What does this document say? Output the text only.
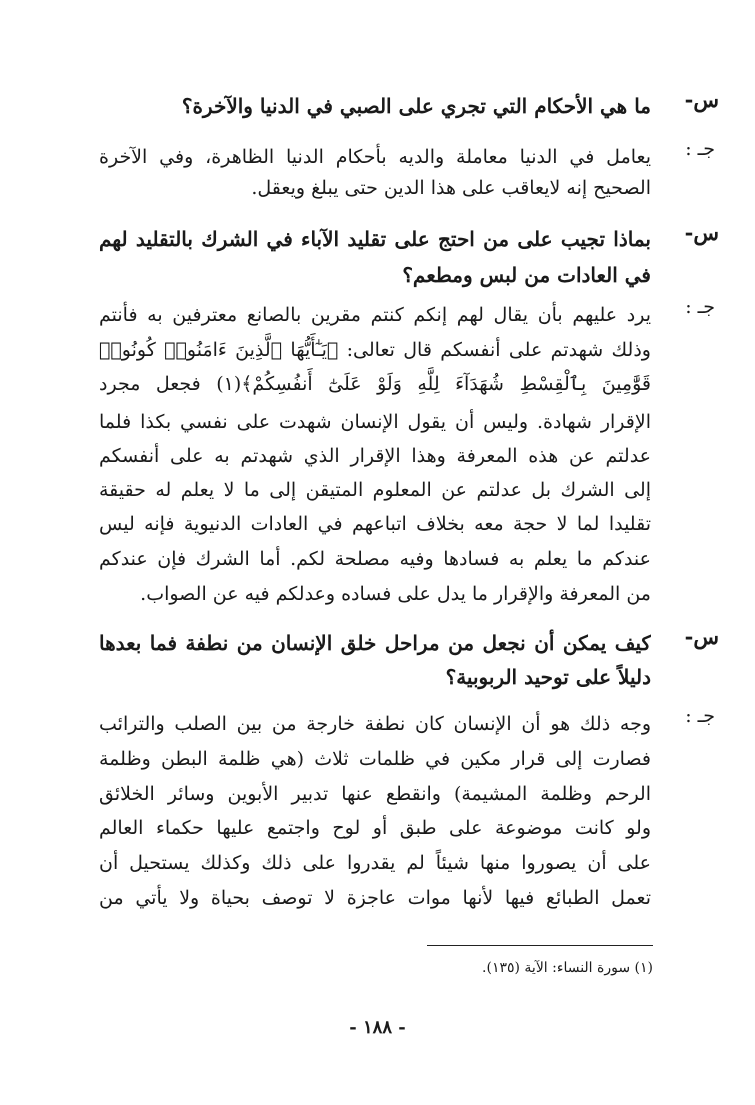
س-
ما هي الأحكام التي تجري على الصبي في الدنيا والآخرة؟
جـ :
يعامل في الدنيا معاملة والديه بأحكام الدنيا الظاهرة، وفي الآخرة
الصحيح إنه لايعاقب على هذا الدين حتى يبلغ ويعقل.
س-
بماذا تجيب على من احتج على تقليد الآباء في الشرك بالتقليد لهم
في العادات من لبس ومطعم؟
جـ :
يرد عليهم بأن يقال لهم إنكم كنتم مقرين بالصانع معترفين به فأنتم
وذلك شهدتم على أنفسكم قال تعالى: ﴿يَـٰٓأَيُّهَا ٱلَّذِينَ ءَامَنُوا۟ كُونُوا۟
قَوَّٰمِينَ بِٱلْقِسْطِ شُهَدَآءَ لِلَّهِ وَلَوْ عَلَىٰٓ أَنفُسِكُمْ﴾(١) فجعل مجرد
الإقرار شهادة. وليس أن يقول الإنسان شهدت على نفسي بكذا فلما
عدلتم عن هذه المعرفة وهذا الإقرار الذي شهدتم به على أنفسكم
إلى الشرك بل عدلتم عن المعلوم المتيقن إلى ما لا يعلم له حقيقة
تقليدا لما لا حجة معه بخلاف اتباعهم في العادات الدنيوية فإنه ليس
عندكم ما يعلم به فسادها وفيه مصلحة لكم. أما الشرك فإن عندكم
من المعرفة والإقرار ما يدل على فساده وعدلكم فيه عن الصواب.
س-
كيف يمكن أن نجعل من مراحل خلق الإنسان من نطفة فما بعدها
دليلاً على توحيد الربوبية؟
جـ :
وجه ذلك هو أن الإنسان كان نطفة خارجة من بين الصلب والترائب
فصارت إلى قرار مكين في ظلمات ثلاث (هي ظلمة البطن وظلمة
الرحم وظلمة المشيمة) وانقطع عنها تدبير الأبوين وسائر الخلائق
ولو كانت موضوعة على طبق أو لوح واجتمع عليها حكماء العالم
على أن يصوروا منها شيئاً لم يقدروا على ذلك وكذلك يستحيل أن
تعمل الطبائع فيها لأنها موات عاجزة لا توصف بحياة ولا يأتي من
(١) سورة النساء: الآية (١٣٥).
- ١٨٨ -
